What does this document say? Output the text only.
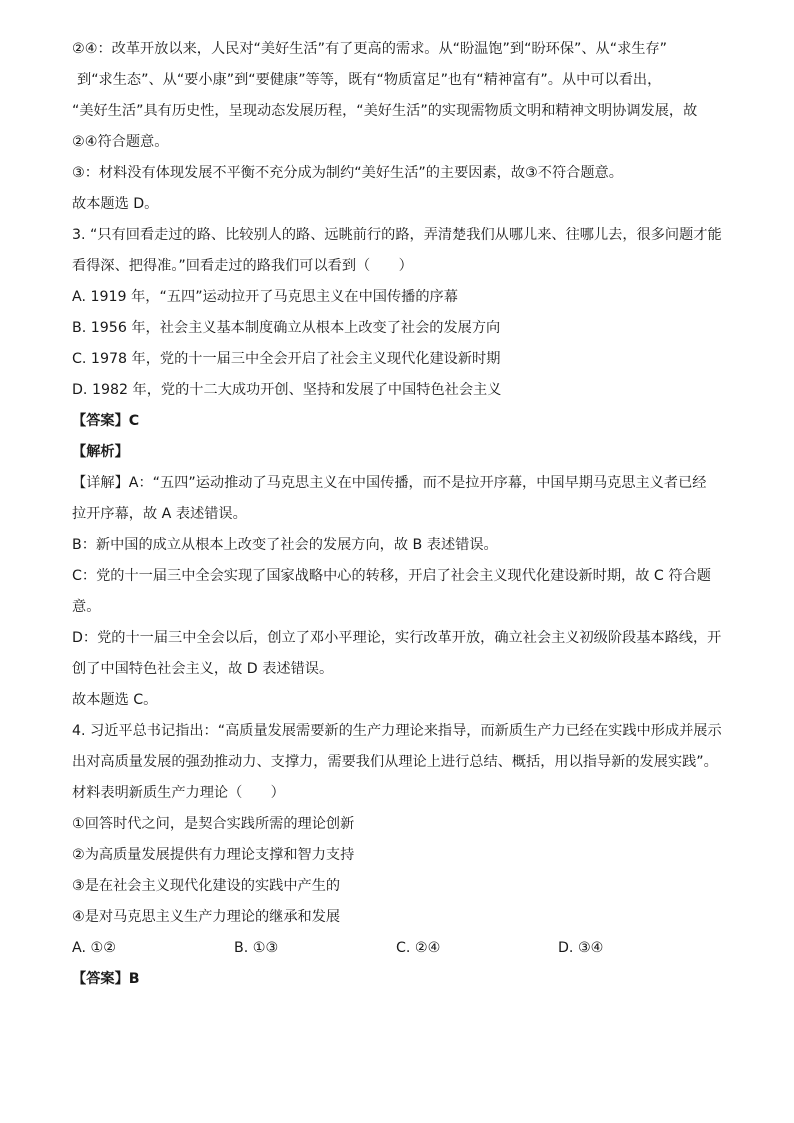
②④：改革开放以来，人民对“美好生活”有了更高的需求。从“盼温饱”到“盼环保”、从“求生存”
到“求生态”、从“要小康”到“要健康”等等，既有“物质富足”也有“精神富有”。从中可以看出，
“美好生活”具有历史性，呈现动态发展历程，“美好生活”的实现需物质文明和精神文明协调发展，故
②④符合题意。
③：材料没有体现发展不平衡不充分成为制约“美好生活”的主要因素，故③不符合题意。
故本题选 D。
3. “只有回看走过的路、比较别人的路、远眺前行的路，弄清楚我们从哪儿来、往哪儿去，很多问题才能
看得深、把得准。”回看走过的路我们可以看到（　　）
A. 1919 年，“五四”运动拉开了马克思主义在中国传播的序幕
B. 1956 年，社会主义基本制度确立从根本上改变了社会的发展方向
C. 1978 年，党的十一届三中全会开启了社会主义现代化建设新时期
D. 1982 年，党的十二大成功开创、坚持和发展了中国特色社会主义
【答案】C
【解析】
【详解】A：“五四”运动推动了马克思主义在中国传播，而不是拉开序幕，中国早期马克思主义者已经
拉开序幕，故 A 表述错误。
B：新中国的成立从根本上改变了社会的发展方向，故 B 表述错误。
C：党的十一届三中全会实现了国家战略中心的转移，开启了社会主义现代化建设新时期，故 C 符合题
意。
D：党的十一届三中全会以后，创立了邓小平理论，实行改革开放，确立社会主义初级阶段基本路线，开
创了中国特色社会主义，故 D 表述错误。
故本题选 C。
4. 习近平总书记指出：“高质量发展需要新的生产力理论来指导，而新质生产力已经在实践中形成并展示
出对高质量发展的强劲推动力、支撑力，需要我们从理论上进行总结、概括，用以指导新的发展实践”。
材料表明新质生产力理论（　　）
①回答时代之问，是契合实践所需的理论创新
②为高质量发展提供有力理论支撑和智力支持
③是在社会主义现代化建设的实践中产生的
④是对马克思主义生产力理论的继承和发展
A. ①②	B. ①③	C. ②④	D. ③④
【答案】B
